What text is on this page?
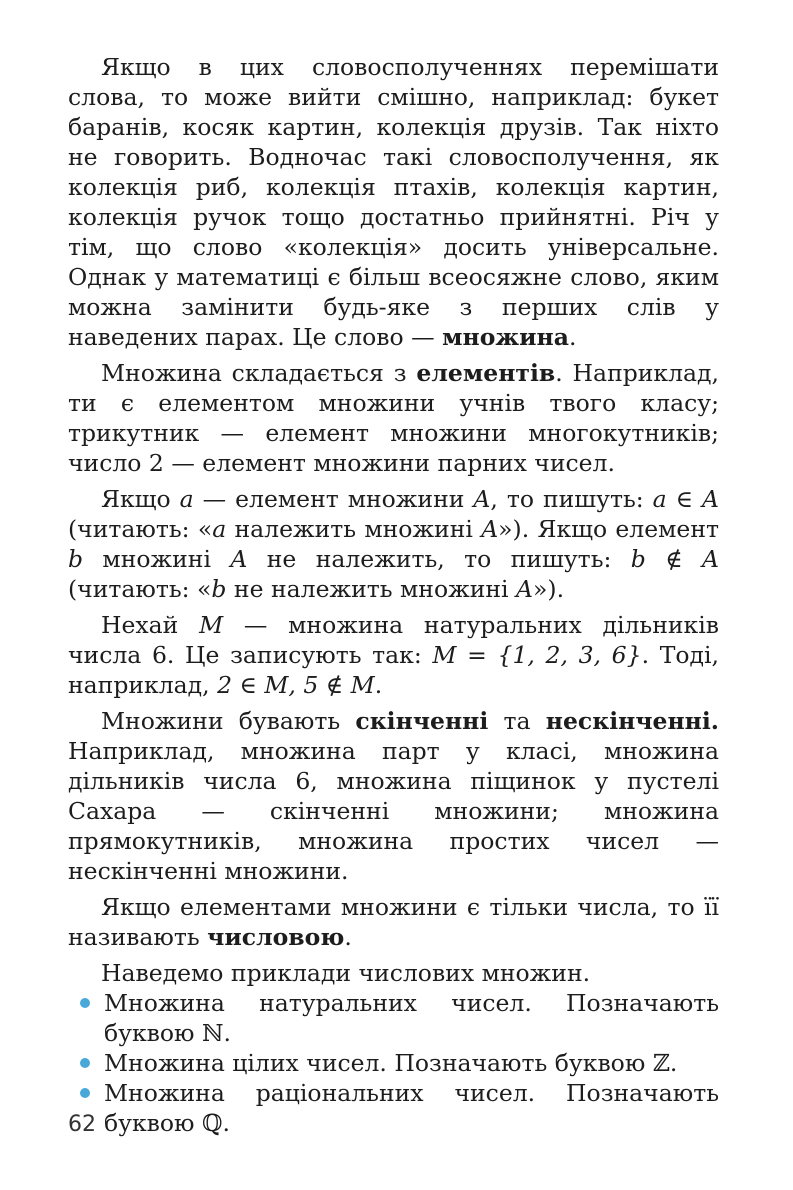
Якщо в цих словосполученнях перемішати слова, то може вийти смішно, наприклад: букет баранів, косяк картин, колекція друзів. Так ніхто не говорить. Водночас такі словосполучення, як колекція риб, колекція птахів, колекція картин, колекція ручок тощо достатньо прийнятні. Річ у тім, що слово «колекція» досить універсальне. Однак у математиці є більш всеосяжне слово, яким можна замінити будь-яке з перших слів у наведених парах. Це слово — множина.

Множина складається з елементів. Наприклад, ти є елементом множини учнів твого класу; трикутник — елемент множини многокутників; число 2 — елемент множини парних чисел.

Якщо a — елемент множини A, то пишуть: a ∈ A (читають: «a належить множині A»). Якщо елемент b множині A не належить, то пишуть: b ∉ A (читають: «b не належить множині A»).

Нехай M — множина натуральних дільників числа 6. Це записують так: M = {1, 2, 3, 6}. Тоді, наприклад, 2 ∈ M, 5 ∉ M.

Множини бувають скінченні та нескінченні. Наприклад, множина парт у класі, множина дільників числа 6, множина піщинок у пустелі Сахара — скінченні множини; множина прямокутників, множина простих чисел — нескінченні множини.

Якщо елементами множини є тільки числа, то її називають числовою.

Наведемо приклади числових множин.

Множина натуральних чисел. Позначають буквою ℕ.
Множина цілих чисел. Позначають буквою ℤ.
Множина раціональних чисел. Позначають буквою ℚ.
62
